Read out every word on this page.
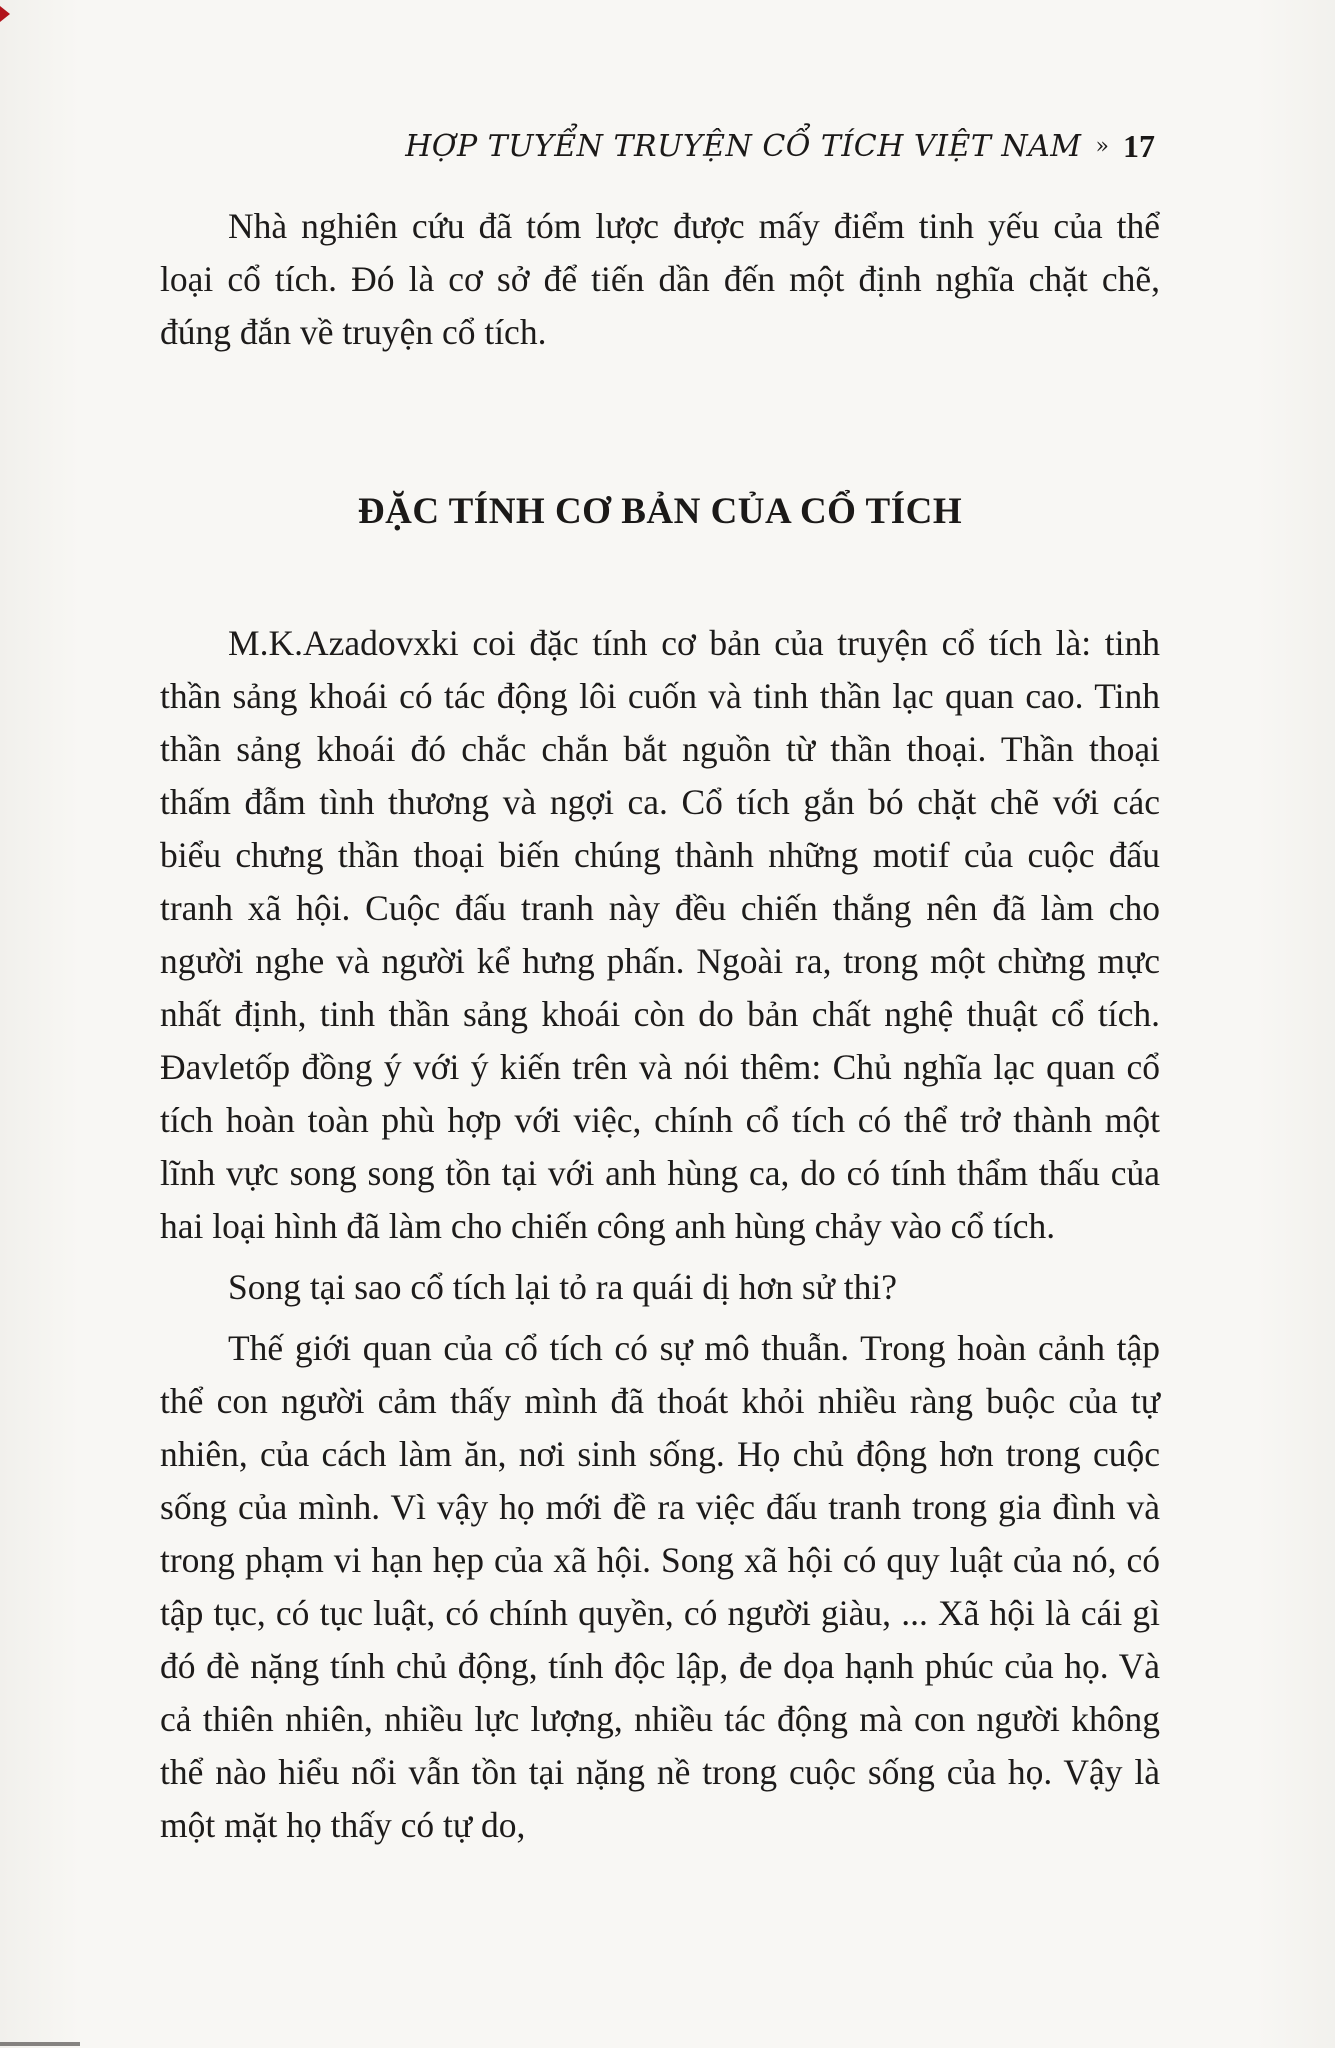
HỢP TUYỂN TRUYỆN CỔ TÍCH VIỆT NAM » 17

Nhà nghiên cứu đã tóm lược được mấy điểm tinh yếu của thể loại cổ tích. Đó là cơ sở để tiến dần đến một định nghĩa chặt chẽ, đúng đắn về truyện cổ tích.

ĐẶC TÍNH CƠ BẢN CỦA CỔ TÍCH

M.K.Azadovxki coi đặc tính cơ bản của truyện cổ tích là: tinh thần sảng khoái có tác động lôi cuốn và tinh thần lạc quan cao. Tinh thần sảng khoái đó chắc chắn bắt nguồn từ thần thoại. Thần thoại thấm đẫm tình thương và ngợi ca. Cổ tích gắn bó chặt chẽ với các biểu chưng thần thoại biến chúng thành những motif của cuộc đấu tranh xã hội. Cuộc đấu tranh này đều chiến thắng nên đã làm cho người nghe và người kể hưng phấn. Ngoài ra, trong một chừng mực nhất định, tinh thần sảng khoái còn do bản chất nghệ thuật cổ tích. Đavletốp đồng ý với ý kiến trên và nói thêm: Chủ nghĩa lạc quan cổ tích hoàn toàn phù hợp với việc, chính cổ tích có thể trở thành một lĩnh vực song song tồn tại với anh hùng ca, do có tính thẩm thấu của hai loại hình đã làm cho chiến công anh hùng chảy vào cổ tích.

Song tại sao cổ tích lại tỏ ra quái dị hơn sử thi?

Thế giới quan của cổ tích có sự mô thuẫn. Trong hoàn cảnh tập thể con người cảm thấy mình đã thoát khỏi nhiều ràng buộc của tự nhiên, của cách làm ăn, nơi sinh sống. Họ chủ động hơn trong cuộc sống của mình. Vì vậy họ mới đề ra việc đấu tranh trong gia đình và trong phạm vi hạn hẹp của xã hội. Song xã hội có quy luật của nó, có tập tục, có tục luật, có chính quyền, có người giàu, ... Xã hội là cái gì đó đè nặng tính chủ động, tính độc lập, đe dọa hạnh phúc của họ. Và cả thiên nhiên, nhiều lực lượng, nhiều tác động mà con người không thể nào hiểu nổi vẫn tồn tại nặng nề trong cuộc sống của họ. Vậy là một mặt họ thấy có tự do,
